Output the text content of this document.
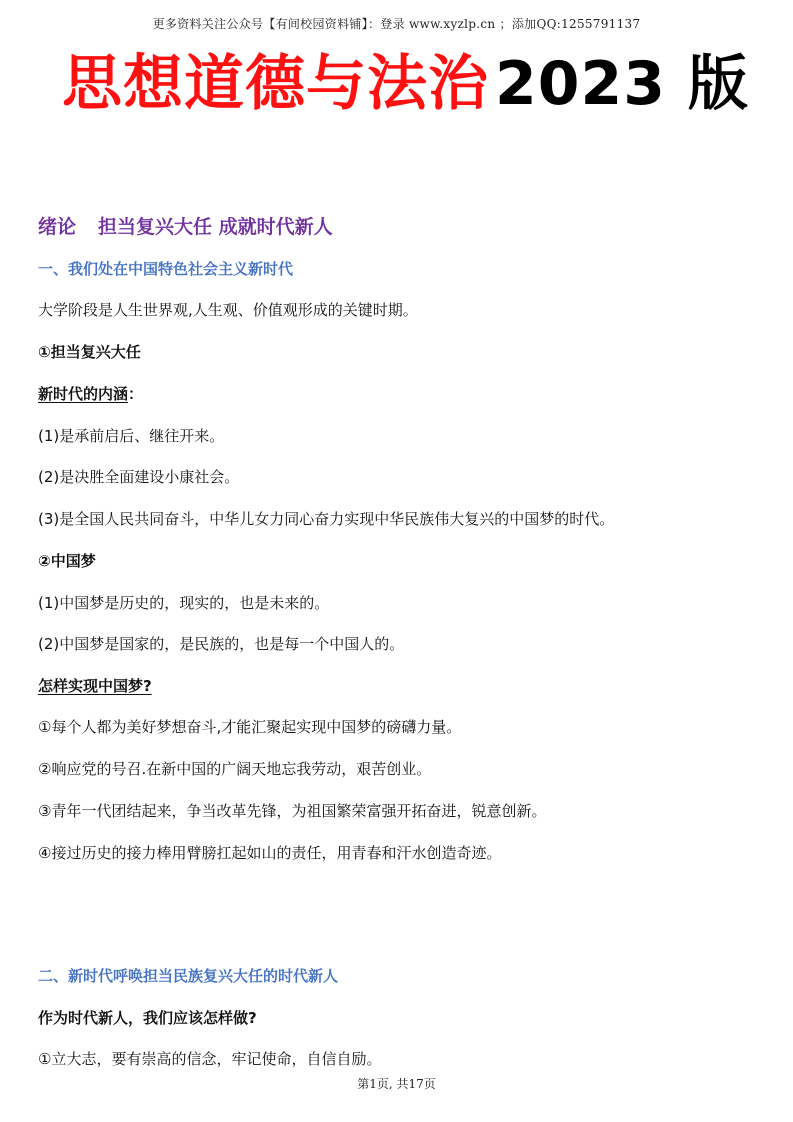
更多资料关注公众号【有间校园资料铺】：登录 www.xyzlp.cn ；添加QQ:1255791137
思想道德与法治 2023 版
绪论 担当复兴大任 成就时代新人
一、我们处在中国特色社会主义新时代
大学阶段是人生世界观,人生观、价值观形成的关键时期。
①担当复兴大任
新时代的内涵：
(1)是承前启后、继往开来。
(2)是决胜全面建设小康社会。
(3)是全国人民共同奋斗，中华儿女力同心奋力实现中华民族伟大复兴的中国梦的时代。
②中国梦
(1)中国梦是历史的，现实的，也是未来的。
(2)中国梦是国家的，是民族的，也是每一个中国人的。
怎样实现中国梦?
①每个人都为美好梦想奋斗,才能汇聚起实现中国梦的磅礴力量。
②响应党的号召.在新中国的广阔天地忘我劳动，艰苦创业。
③青年一代团结起来，争当改革先锋，为祖国繁荣富强开拓奋进，锐意创新。
④接过历史的接力棒用臂膀扛起如山的责任，用青春和汗水创造奇迹。
二、新时代呼唤担当民族复兴大任的时代新人
作为时代新人，我们应该怎样做?
①立大志，要有崇高的信念，牢记使命，自信自励。
第1页, 共17页
